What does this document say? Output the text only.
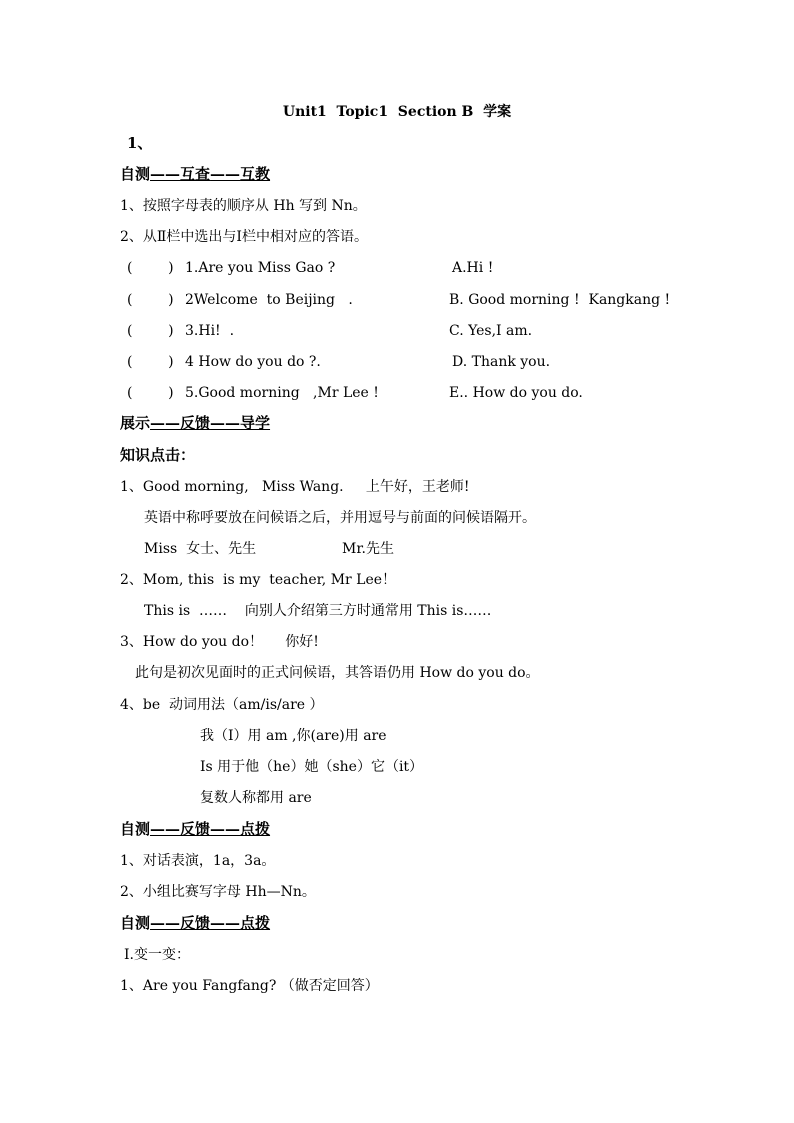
Unit1  Topic1  Section B  学案
1、
自测——互查——互教
1、按照字母表的顺序从 Hh 写到 Nn。
2、从Ⅱ栏中选出与Ⅰ栏中相对应的答语。
(        ) 1.Are you Miss Gao ?	A.Hi !
(        ) 2Welcome  to Beijing   .	B. Good morning !  Kangkang !
(        ) 3.Hi!  .	C. Yes,I am.
(        ) 4 How do you do ?.	D. Thank you.
(        ) 5.Good morning   ,Mr Lee !	E.. How do you do.
展示——反馈——导学
知识点击：
1、Good morning,   Miss Wang.     上午好，王老师!
英语中称呼要放在问候语之后，并用逗号与前面的问候语隔开。
Miss  女士、先生	Mr.先生
2、Mom, this  is my  teacher, Mr Lee！
This is  ……    向别人介绍第三方时通常用 This is……
3、How do you do！     你好!
此句是初次见面时的正式问候语，其答语仍用 How do you do。
4、be  动词用法（am/is/are ）
我（I）用 am ,你(are)用 are
Is 用于他（he）她（she）它（it）
复数人称都用 are
自测——反馈——点拨
1、对话表演，1a，3a。
2、小组比赛写字母 Hh—Nn。
自测——反馈——点拨
Ⅰ.变一变：
1、Are you Fangfang? （做否定回答）
